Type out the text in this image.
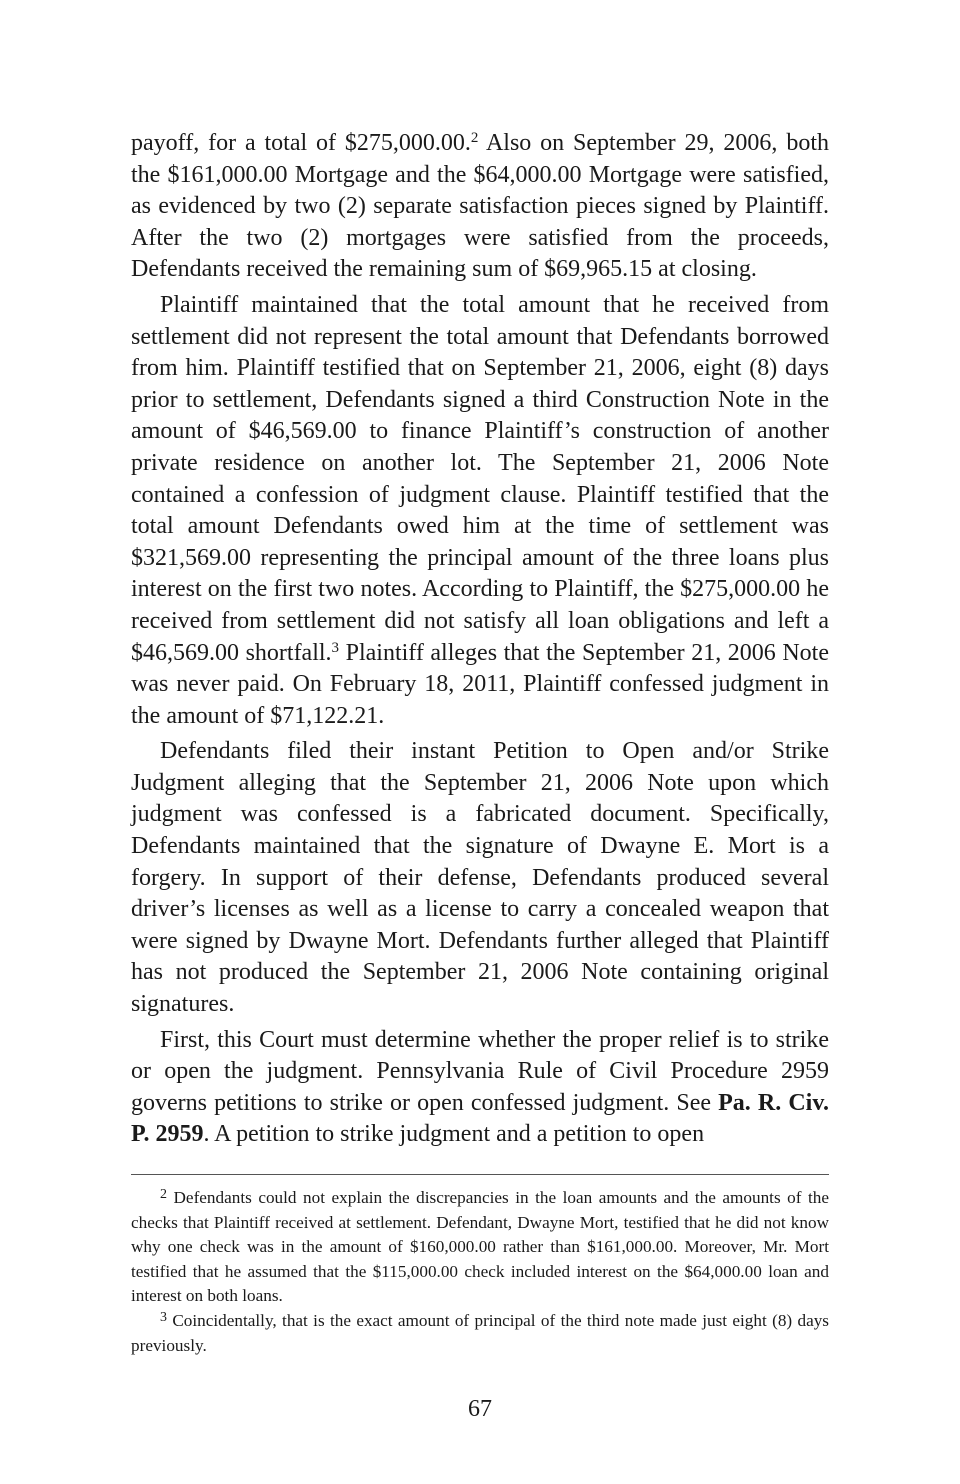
payoff, for a total of $275,000.00.$^2$ Also on September 29, 2006, both the $161,000.00 Mortgage and the $64,000.00 Mortgage were satisfied, as evidenced by two (2) separate satisfaction pieces signed by Plaintiff. After the two (2) mortgages were satisfied from the proceeds, Defendants received the remaining sum of $69,965.15 at closing.

Plaintiff maintained that the total amount that he received from settlement did not represent the total amount that Defendants borrowed from him. Plaintiff testified that on September 21, 2006, eight (8) days prior to settlement, Defendants signed a third Construction Note in the amount of $46,569.00 to finance Plaintiff’s construction of another private residence on another lot. The September 21, 2006 Note contained a confession of judgment clause. Plaintiff testified that the total amount Defendants owed him at the time of settlement was $321,569.00 representing the principal amount of the three loans plus interest on the first two notes. According to Plaintiff, the $275,000.00 he received from settlement did not satisfy all loan obligations and left a $46,569.00 shortfall.$^3$ Plaintiff alleges that the September 21, 2006 Note was never paid. On February 18, 2011, Plaintiff confessed judgment in the amount of $71,122.21.

Defendants filed their instant Petition to Open and/or Strike Judgment alleging that the September 21, 2006 Note upon which judgment was confessed is a fabricated document. Specifically, Defendants maintained that the signature of Dwayne E. Mort is a forgery. In support of their defense, Defendants produced several driver’s licenses as well as a license to carry a concealed weapon that were signed by Dwayne Mort. Defendants further alleged that Plaintiff has not produced the September 21, 2006 Note containing original signatures.

First, this Court must determine whether the proper relief is to strike or open the judgment. Pennsylvania Rule of Civil Procedure 2959 governs petitions to strike or open confessed judgment. See Pa. R. Civ. P. 2959. A petition to strike judgment and a petition to open

$^2$ Defendants could not explain the discrepancies in the loan amounts and the amounts of the checks that Plaintiff received at settlement. Defendant, Dwayne Mort, testified that he did not know why one check was in the amount of $160,000.00 rather than $161,000.00. Moreover, Mr. Mort testified that he assumed that the $115,000.00 check included interest on the $64,000.00 loan and interest on both loans.

$^3$ Coincidentally, that is the exact amount of principal of the third note made just eight (8) days previously.

67
